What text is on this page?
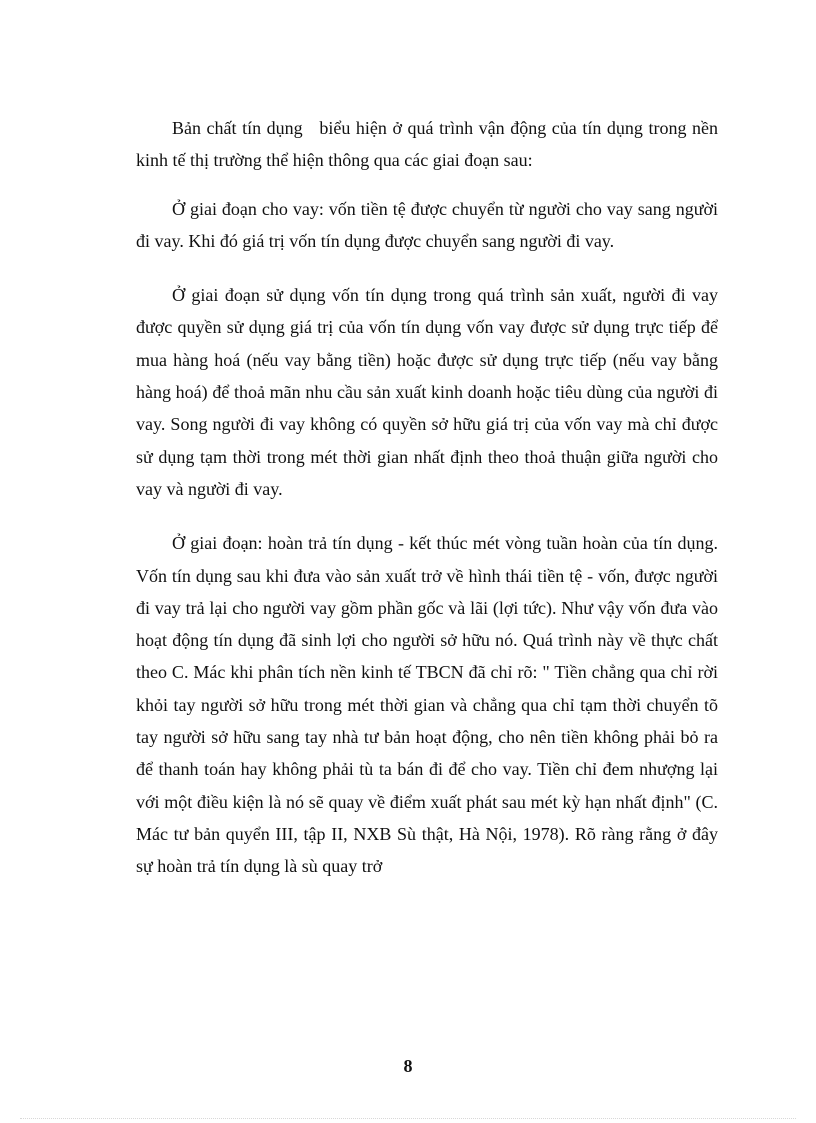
Bản chất tín dụng   biểu hiện ở quá trình vận động của tín dụng trong nền kinh tế thị trường thể hiện thông qua các giai đoạn sau:

Ở giai đoạn cho vay: vốn tiền tệ được chuyển từ người cho vay sang người đi vay. Khi đó giá trị vốn tín dụng được chuyển sang người đi vay.

Ở giai đoạn sử dụng vốn tín dụng trong quá trình sản xuất, người đi vay được quyền sử dụng giá trị của vốn tín dụng vốn vay được sử dụng trực tiếp để mua hàng hoá (nếu vay bằng tiền) hoặc được sử dụng trực tiếp (nếu vay bằng hàng hoá) để thoả mãn nhu cầu sản xuất kinh doanh hoặc tiêu dùng của người đi vay. Song người đi vay không có quyền sở hữu giá trị của vốn vay mà chỉ được sử dụng tạm thời trong mét thời gian nhất định theo thoả thuận giữa người cho vay và người đi vay.

Ở giai đoạn: hoàn trả tín dụng - kết thúc mét vòng tuần hoàn của tín dụng. Vốn tín dụng sau khi đưa vào sản xuất trở về hình thái tiền tệ - vốn, được người đi vay trả lại cho người vay gồm phần gốc và lãi (lợi tức). Như vậy vốn đưa vào hoạt động tín dụng đã sinh lợi cho người sở hữu nó. Quá trình này về thực chất theo C. Mác khi phân tích nền kinh tế TBCN đã chỉ rõ: " Tiền chẳng qua chỉ rời khỏi tay người sở hữu trong mét thời gian và chẳng qua chỉ tạm thời chuyển tõ tay người sở hữu sang tay nhà tư bản hoạt động, cho nên tiền không phải bỏ ra để thanh toán hay không phải tù ta bán đi để cho vay. Tiền chỉ đem nhượng lại với một điều kiện là nó sẽ quay về điểm xuất phát sau mét kỳ hạn nhất định" (C. Mác tư bản quyển III, tập II, NXB Sù thật, Hà Nội, 1978). Rõ ràng rằng ở đây sự hoàn trả tín dụng là sù quay trở

8
